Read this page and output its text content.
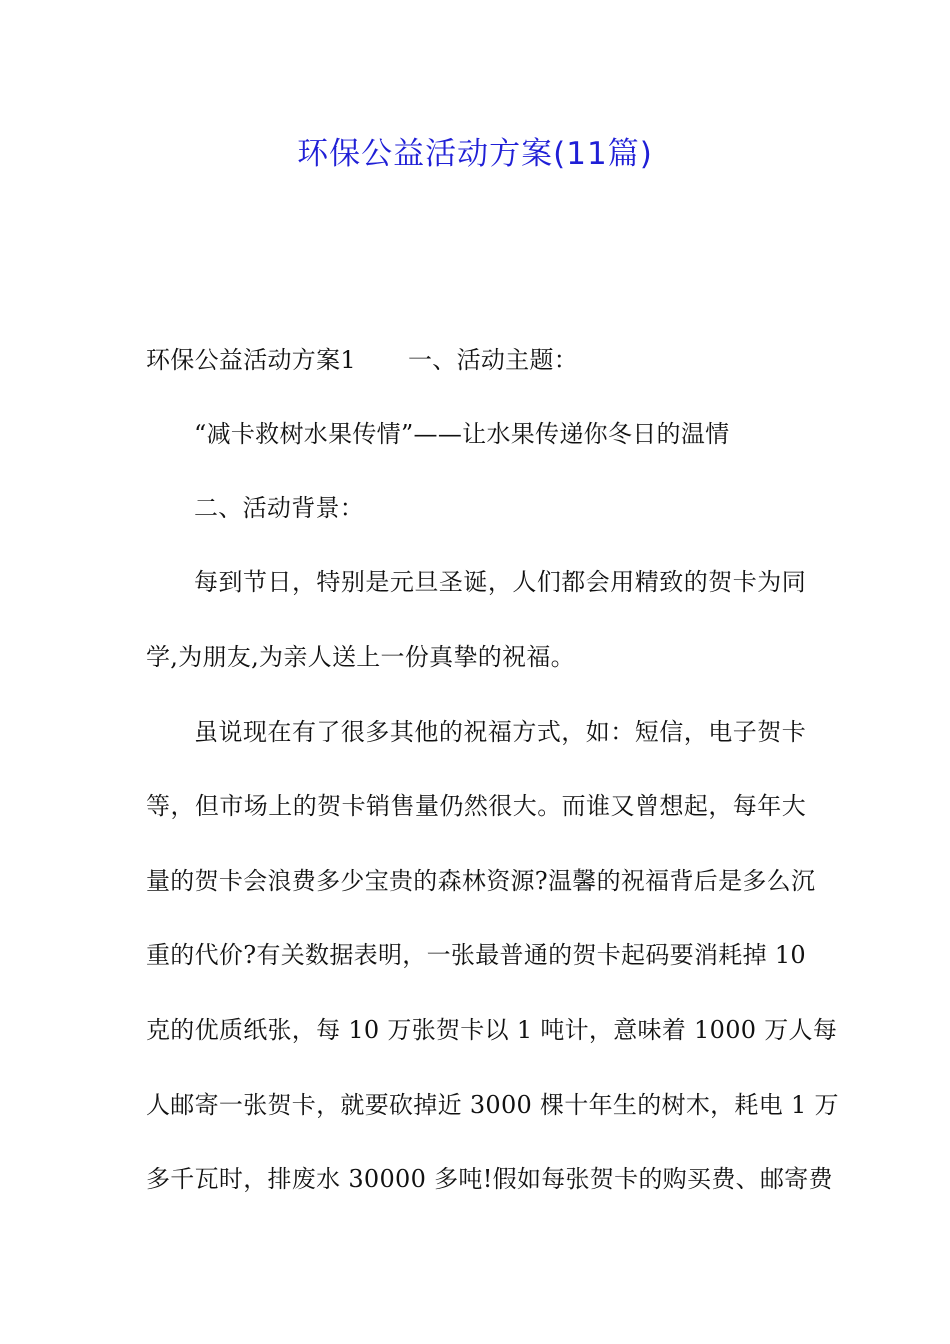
环保公益活动方案(11篇)
环保公益活动方案1 一、活动主题：
“减卡救树水果传情”——让水果传递你冬日的温情
二、活动背景：
每到节日，特别是元旦圣诞，人们都会用精致的贺卡为同
学,为朋友,为亲人送上一份真挚的祝福。
虽说现在有了很多其他的祝福方式，如：短信，电子贺卡
等，但市场上的贺卡销售量仍然很大。而谁又曾想起，每年大
量的贺卡会浪费多少宝贵的森林资源?温馨的祝福背后是多么沉
重的代价?有关数据表明，一张最普通的贺卡起码要消耗掉 10
克的优质纸张，每 10 万张贺卡以 1 吨计，意味着 1000 万人每
人邮寄一张贺卡，就要砍掉近 3000 棵十年生的树木，耗电 1 万
多千瓦时，排废水 30000 多吨!假如每张贺卡的购买费、邮寄费
